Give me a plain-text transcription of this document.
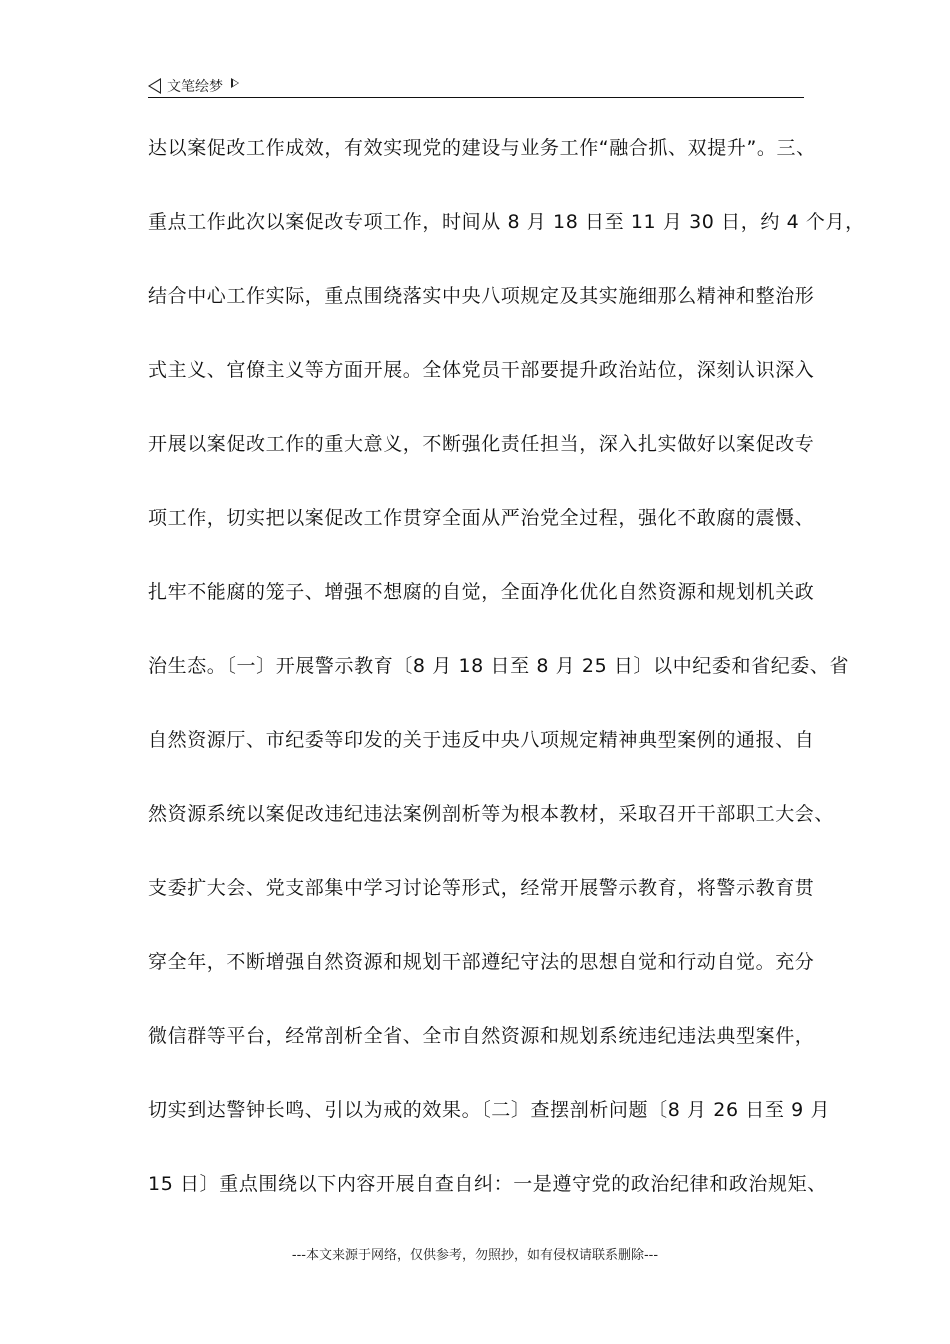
文笔绘梦
达以案促改工作成效，有效实现党的建设与业务工作“融合抓、双提升”。三、
重点工作此次以案促改专项工作，时间从 8 月 18 日至 11 月 30 日，约 4 个月，
结合中心工作实际，重点围绕落实中央八项规定及其实施细那么精神和整治形
式主义、官僚主义等方面开展。全体党员干部要提升政治站位，深刻认识深入
开展以案促改工作的重大意义，不断强化责任担当，深入扎实做好以案促改专
项工作，切实把以案促改工作贯穿全面从严治党全过程，强化不敢腐的震慑、
扎牢不能腐的笼子、增强不想腐的自觉，全面净化优化自然资源和规划机关政
治生态。〔一〕开展警示教育〔8 月 18 日至 8 月 25 日〕以中纪委和省纪委、省
自然资源厅、市纪委等印发的关于违反中央八项规定精神典型案例的通报、自
然资源系统以案促改违纪违法案例剖析等为根本教材，采取召开干部职工大会、
支委扩大会、党支部集中学习讨论等形式，经常开展警示教育，将警示教育贯
穿全年，不断增强自然资源和规划干部遵纪守法的思想自觉和行动自觉。充分
微信群等平台，经常剖析全省、全市自然资源和规划系统违纪违法典型案件，
切实到达警钟长鸣、引以为戒的效果。〔二〕查摆剖析问题〔8 月 26 日至 9 月
15 日〕重点围绕以下内容开展自查自纠：一是遵守党的政治纪律和政治规矩、
---本文来源于网络，仅供参考，勿照抄，如有侵权请联系删除---
